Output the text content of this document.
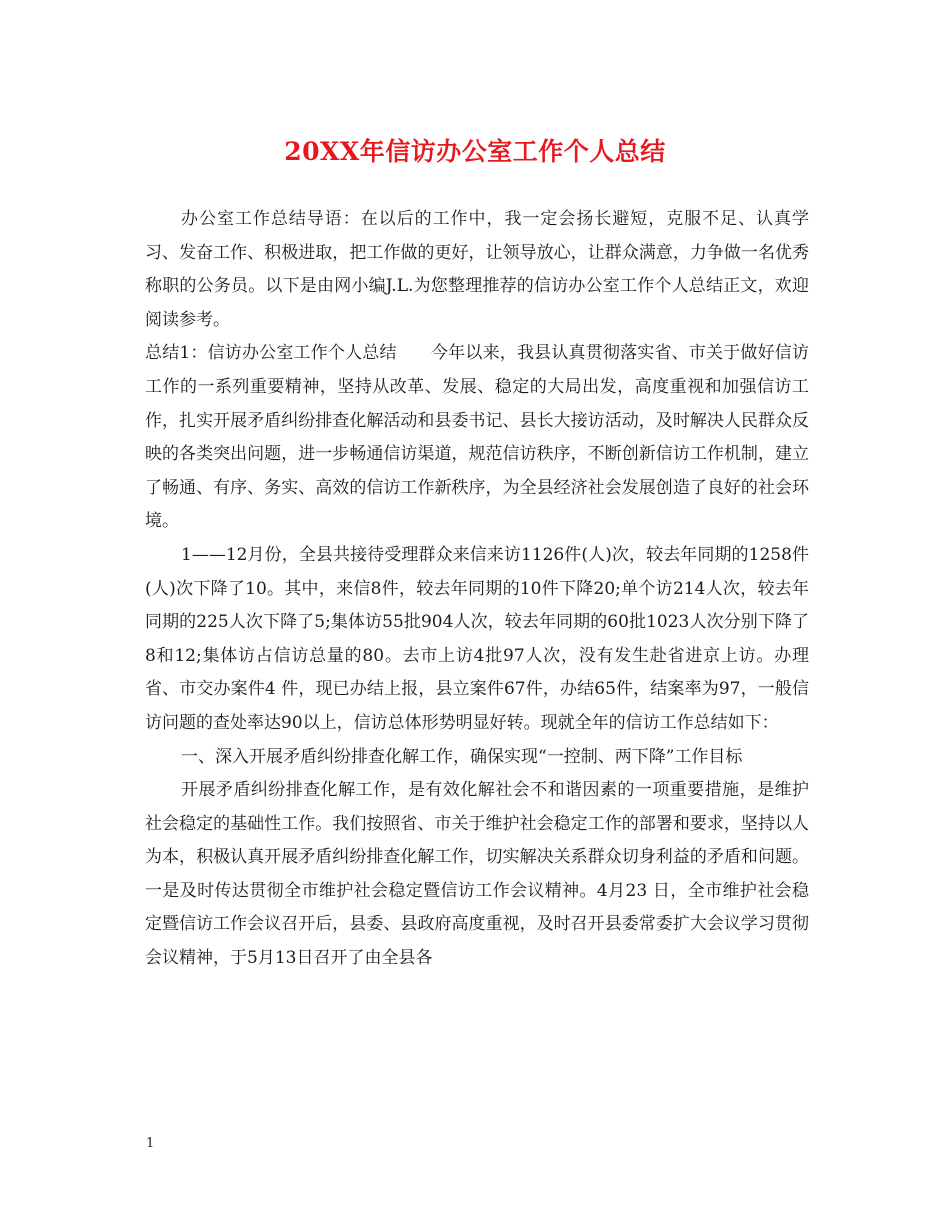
20XX年信访办公室工作个人总结

办公室工作总结导语：在以后的工作中，我一定会扬长避短，克服不足、认真学习、发奋工作、积极进取，把工作做的更好，让领导放心，让群众满意，力争做一名优秀称职的公务员。以下是由网小编J.L.为您整理推荐的信访办公室工作个人总结正文，欢迎阅读参考。

总结1：信访办公室工作个人总结　　今年以来，我县认真贯彻落实省、市关于做好信访工作的一系列重要精神，坚持从改革、发展、稳定的大局出发，高度重视和加强信访工作，扎实开展矛盾纠纷排查化解活动和县委书记、县长大接访活动，及时解决人民群众反映的各类突出问题，进一步畅通信访渠道，规范信访秩序，不断创新信访工作机制，建立了畅通、有序、务实、高效的信访工作新秩序，为全县经济社会发展创造了良好的社会环境。

1——12月份，全县共接待受理群众来信来访1126件(人)次，较去年同期的1258件(人)次下降了10。其中，来信8件，较去年同期的10件下降20;单个访214人次，较去年同期的225人次下降了5;集体访55批904人次，较去年同期的60批1023人次分别下降了8和12;集体访占信访总量的80。去市上访4批97人次，没有发生赴省进京上访。办理省、市交办案件4 件，现已办结上报，县立案件67件，办结65件，结案率为97，一般信访问题的查处率达90以上，信访总体形势明显好转。现就全年的信访工作总结如下：

一、深入开展矛盾纠纷排查化解工作，确保实现“一控制、两下降”工作目标

开展矛盾纠纷排查化解工作，是有效化解社会不和谐因素的一项重要措施，是维护社会稳定的基础性工作。我们按照省、市关于维护社会稳定工作的部署和要求，坚持以人为本，积极认真开展矛盾纠纷排查化解工作，切实解决关系群众切身利益的矛盾和问题。一是及时传达贯彻全市维护社会稳定暨信访工作会议精神。4月23 日，全市维护社会稳定暨信访工作会议召开后，县委、县政府高度重视，及时召开县委常委扩大会议学习贯彻会议精神，于5月13日召开了由全县各

1
